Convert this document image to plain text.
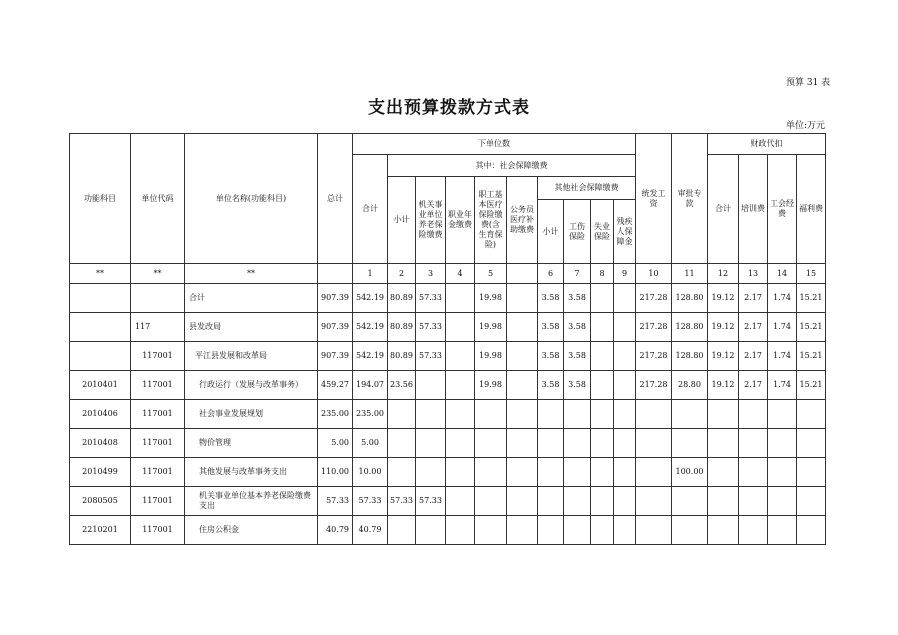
预算 31 表
支出预算拨款方式表
单位:万元
功能科目	单位代码	单位名称(功能科目)	总计	下单位数										统发工资	审批专款	财政代扣			
				合计	其中：社会保障缴费											合计	培训费	工会经费	福利费
					小计	机关事业单位养老保险缴费	职业年金缴费	职工基本医疗保险缴费(含生育保险)	公务员医疗补助缴费	其他社会保障缴费									
										小计	工伤保险	失业保险	残疾人保障金						
**	**	**		1	2	3	4	5		6	7	8	9	10	11	12	13	14	15
		合计	907.39	542.19	80.89	57.33		19.98		3.58	3.58			217.28	128.80	19.12	2.17	1.74	15.21
	117	县发改局	907.39	542.19	80.89	57.33		19.98		3.58	3.58			217.28	128.80	19.12	2.17	1.74	15.21
	117001	平江县发展和改革局	907.39	542.19	80.89	57.33		19.98		3.58	3.58			217.28	128.80	19.12	2.17	1.74	15.21
2010401	117001	行政运行（发展与改革事务）	459.27	194.07	23.56			19.98		3.58	3.58			217.28	28.80	19.12	2.17	1.74	15.21
2010406	117001	社会事业发展规划	235.00	235.00															
2010408	117001	物价管理	5.00	5.00															
2010499	117001	其他发展与改革事务支出	110.00	10.00											100.00				
2080505	117001	机关事业单位基本养老保险缴费支出	57.33	57.33	57.33	57.33													
2210201	117001	住房公积金	40.79	40.79															
